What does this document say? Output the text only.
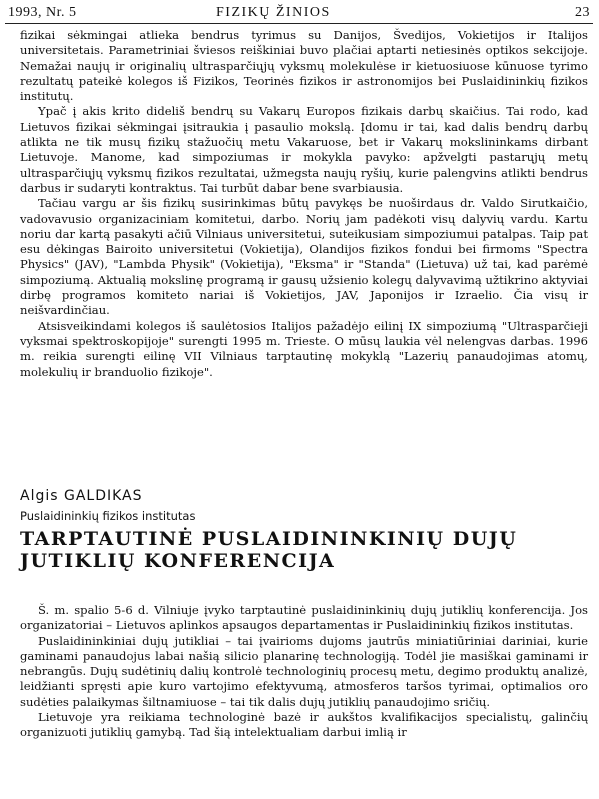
1993, Nr. 5	FIZIKŲ ŽINIOS	23

fizikai sėkmingai atlieka bendrus tyrimus su Danijos, Švedijos, Vokietijos ir Italijos universitetais. Parametriniai šviesos reiškiniai buvo plačiai aptarti netiesinės optikos sekcijoje. Nemažai naujų ir originalių ultrasparčiųjų vyksmų molekulėse ir kietuosiuose kūnuose tyrimo rezultatų pateikė kolegos iš Fizikos, Teorinės fizikos ir astronomijos bei Puslaidininkių fizikos institutų.

Ypač į akis krito dideliš bendrų su Vakarų Europos fizikais darbų skaičius. Tai rodo, kad Lietuvos fizikai sėkmingai įsitraukia į pasaulio mokslą. Įdomu ir tai, kad dalis bendrų darbų atlikta ne tik musų fizikų stažuočių metu Vakaruose, bet ir Vakarų mokslininkams dirbant Lietuvoje. Manome, kad simpoziumas ir mokykla pavyko: apžvelgti pastarųjų metų ultrasparčiųjų vyksmų fizikos rezultatai, užmegsta naujų ryšių, kurie palengvins atlikti bendrus darbus ir sudaryti kontraktus. Tai turbūt dabar bene svarbiausia.

Tačiau vargu ar šis fizikų susirinkimas būtų pavykęs be nuoširdaus dr. Valdo Sirutkaičio, vadovavusio organizaciniam komitetui, darbo. Norių jam padėkoti visų dalyvių vardu. Kartu noriu dar kartą pasakyti ačiū Vilniaus universitetui, suteikusiam simpoziumui patalpas. Taip pat esu dėkingas Bairoito universitetui (Vokietija), Olandijos fizikos fondui bei firmoms "Spectra Physics" (JAV), "Lambda Physik" (Vokietija), "Eksma" ir "Standa" (Lietuva) už tai, kad parėmė simpoziumą. Aktualią mokslinę programą ir gausų užsienio kolegų dalyvavimą užtikrino aktyviai dirbę programos komiteto nariai iš Vokietijos, JAV, Japonijos ir Izraelio. Čia visų ir neišvardinčiau.

Atsisveikindami kolegos iš saulėtosios Italijos pažadėjo eilinį IX simpoziumą "Ultrasparčieji vyksmai spektroskopijoje" surengti 1995 m. Trieste. O mūsų laukia vėl nelengvas darbas. 1996 m. reikia surengti eilinę VII Vilniaus tarptautinę mokyklą "Lazerių panaudojimas atomų, molekulių ir branduolio fizikoje".

Algis GALDIKAS
Puslaidininkių fizikos institutas
TARPTAUTINĖ PUSLAIDININKINIŲ DUJŲ
JUTIKLIŲ KONFERENCIJA

Š. m. spalio 5-6 d. Vilniuje įvyko tarptautinė puslaidininkinių dujų jutiklių konferencija. Jos organizatoriai – Lietuvos aplinkos apsaugos departamentas ir Puslaidininkių fizikos institutas.

Puslaidininkiniai dujų jutikliai – tai įvairioms dujoms jautrūs miniatiūriniai dariniai, kurie gaminami panaudojus labai našią silicio planarinę technologiją. Todėl jie masiškai gaminami ir nebrangūs. Dujų sudėtinių dalių kontrolė technologinių procesų metu, degimo produktų analizė, leidžianti spręsti apie kuro vartojimo efektyvumą, atmosferos taršos tyrimai, optimalios oro sudėties palaikymas šiltnamiuose – tai tik dalis dujų jutiklių panaudojimo sričių.

Lietuvoje yra reikiama technologinė bazė ir aukštos kvalifikacijos specialistų, galinčių organizuoti jutiklių gamybą. Tad šią intelektualiam darbui imlią ir
